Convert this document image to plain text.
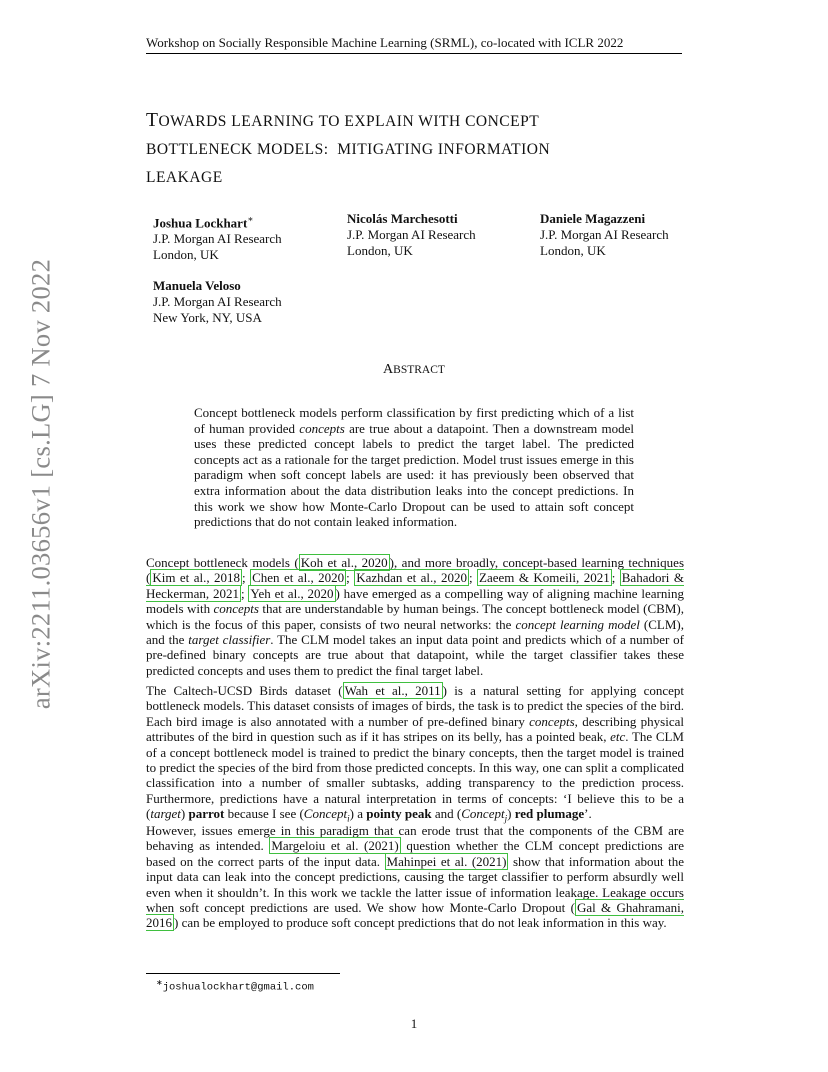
Workshop on Socially Responsible Machine Learning (SRML), co-located with ICLR 2022
arXiv:2211.03656v1 [cs.LG] 7 Nov 2022
TOWARDS LEARNING TO EXPLAIN WITH CONCEPT
BOTTLENECK MODELS:  MITIGATING INFORMATION
LEAKAGE
Joshua Lockhart∗
J.P. Morgan AI Research
London, UK
Nicolás Marchesotti
J.P. Morgan AI Research
London, UK
Daniele Magazzeni
J.P. Morgan AI Research
London, UK
Manuela Veloso
J.P. Morgan AI Research
New York, NY, USA
ABSTRACT
Concept bottleneck models perform classification by first predicting which of a list of human provided concepts are true about a datapoint. Then a downstream model uses these predicted concept labels to predict the target label. The predicted concepts act as a rationale for the target prediction. Model trust issues emerge in this paradigm when soft concept labels are used: it has previously been observed that extra information about the data distribution leaks into the concept predictions. In this work we show how Monte-Carlo Dropout can be used to attain soft concept predictions that do not contain leaked information.

Concept bottleneck models ( Koh et al., 2020 ), and more broadly, concept-based learning techniques ( Kim et al., 2018 ; Chen et al., 2020 ; Kazhdan et al., 2020 ; Zaeem & Komeili, 2021 ; Bahadori & Heckerman, 2021 ; Yeh et al., 2020 ) have emerged as a compelling way of aligning machine learning models with concepts that are understandable by human beings. The concept bottleneck model (CBM), which is the focus of this paper, consists of two neural networks: the concept learning model (CLM), and the target classifier. The CLM model takes an input data point and predicts which of a number of pre-defined binary concepts are true about that datapoint, while the target classifier takes these predicted concepts and uses them to predict the final target label.

The Caltech-UCSD Birds dataset ( Wah et al., 2011 ) is a natural setting for applying concept bottleneck models. This dataset consists of images of birds, the task is to predict the species of the bird. Each bird image is also annotated with a number of pre-defined binary concepts, describing physical attributes of the bird in question such as if it has stripes on its belly, has a pointed beak, etc. The CLM of a concept bottleneck model is trained to predict the binary concepts, then the target model is trained to predict the species of the bird from those predicted concepts. In this way, one can split a complicated classification into a number of smaller subtasks, adding transparency to the prediction process. Furthermore, predictions have a natural interpretation in terms of concepts: ‘I believe this to be a (target) parrot because I see (Concept$_i$) a pointy peak and (Concept$_j$) red plumage’.

However, issues emerge in this paradigm that can erode trust that the components of the CBM are behaving as intended. Margeloiu et al. (2021) question whether the CLM concept predictions are based on the correct parts of the input data. Mahinpei et al. (2021) show that information about the input data can leak into the concept predictions, causing the target classifier to perform absurdly well even when it shouldn’t. In this work we tackle the latter issue of information leakage. Leakage occurs when soft concept predictions are used. We show how Monte-Carlo Dropout ( Gal & Ghahramani, 2016 ) can be employed to produce soft concept predictions that do not leak information in this way.

∗joshualockhart@gmail.com
1
